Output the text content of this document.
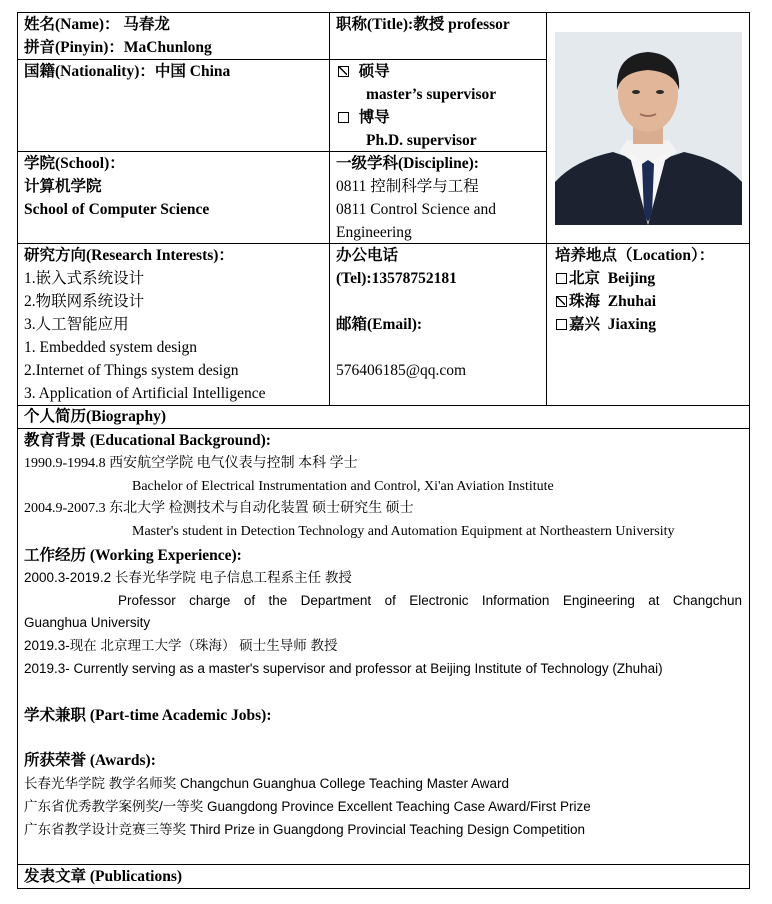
姓名(Name)： 马春龙
拼音(Pinyin)：MaChunlong
职称(Title):教授 professor
国籍(Nationality)：中国 China	硕导
master’s supervisor
博导
Ph.D. supervisor
学院(School)：
计算机学院
School of Computer Science
一级学科(Discipline):
0811 控制科学与工程
0811 Control Science and
Engineering
研究方向(Research Interests)：
1.嵌入式系统设计
2.物联网系统设计
3.人工智能应用
1. Embedded system design
2.Internet of Things system design
3. Application of Artificial Intelligence
办公电话
(Tel):13578752181
邮箱(Email):
576406185@qq.com
培养地点（Location）：
北京 Beijing
珠海 Zhuhai
嘉兴 Jiaxing
个人简历(Biography)
教育背景 (Educational Background):
1990.9-1994.8 西安航空学院 电气仪表与控制 本科 学士
Bachelor of Electrical Instrumentation and Control, Xi'an Aviation Institute
2004.9-2007.3 东北大学 检测技术与自动化装置 硕士研究生 硕士
Master's student in Detection Technology and Automation Equipment at Northeastern University
工作经历 (Working Experience):
2000.3-2019.2 长春光华学院 电子信息工程系主任 教授
Professor charge of the Department of Electronic Information Engineering at Changchun
Guanghua University
2019.3-现在 北京理工大学（珠海） 硕士生导师 教授
2019.3- Currently serving as a master's supervisor and professor at Beijing Institute of Technology (Zhuhai)
学术兼职 (Part-time Academic Jobs):
所获荣誉 (Awards):
长春光华学院 教学名师奖 Changchun Guanghua College Teaching Master Award
广东省优秀教学案例奖/一等奖 Guangdong Province Excellent Teaching Case Award/First Prize
广东省教学设计竞赛三等奖 Third Prize in Guangdong Provincial Teaching Design Competition
发表文章 (Publications)
